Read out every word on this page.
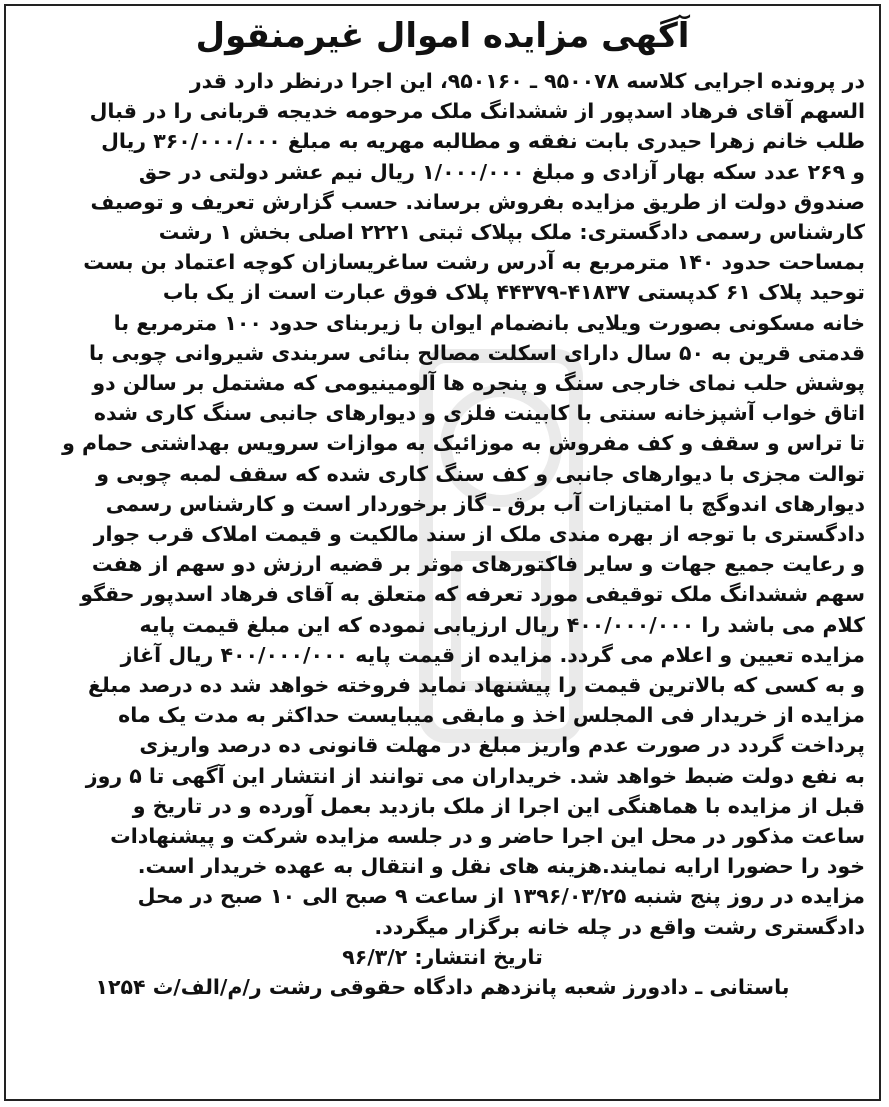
آگهی مزایده اموال غیرمنقول
در پرونده اجرایی کلاسه ۹۵۰۰۷۸ ـ ۹۵۰۱۶۰، این اجرا درنظر دارد قدر
السهم آقای فرهاد اسدپور از ششدانگ ملک مرحومه خدیجه قربانی را در قبال
طلب خانم زهرا حیدری بابت نفقه و مطالبه مهریه به مبلغ ۳۶۰/۰۰۰/۰۰۰ ریال
و ۲۶۹ عدد سکه بهار آزادی و مبلغ ۱/۰۰۰/۰۰۰ ریال نیم عشر دولتی در حق
صندوق دولت از طریق مزایده بفروش برساند. حسب گزارش تعریف و توصیف
کارشناس رسمی دادگستری: ملک بپلاک ثبتی ۲۲۲۱ اصلی بخش ۱ رشت
بمساحت حدود ۱۴۰ مترمربع به آدرس رشت ساغریسازان کوچه اعتماد بن بست
توحید پلاک ۶۱ کدپستی ۴۱۸۳۷-۴۴۳۷۹ پلاک فوق عبارت است از یک باب
خانه مسکونی بصورت ویلایی بانضمام ایوان با زیربنای حدود ۱۰۰ مترمربع با
قدمتی قرین به ۵۰ سال دارای اسکلت مصالح بنائی سربندی شیروانی چوبی با
پوشش حلب نمای خارجی سنگ و پنجره ها آلومینیومی که مشتمل بر سالن دو
اتاق خواب آشپزخانه سنتی با کابینت فلزی و دیوارهای جانبی سنگ کاری شده
تا تراس و سقف و کف مفروش به موزائیک به موازات سرویس بهداشتی حمام و
توالت مجزی با دیوارهای جانبی و کف سنگ کاری شده که سقف لمبه چوبی و
دیوارهای اندوگچ با امتیازات آب برق ـ گاز برخوردار است و کارشناس رسمی
دادگستری با توجه از بهره مندی ملک از سند مالکیت و قیمت املاک قرب جوار
و رعایت جمیع جهات و سایر فاکتورهای موثر بر قضیه ارزش دو سهم از هفت
سهم ششدانگ ملک توقیفی مورد تعرفه که متعلق به آقای فرهاد اسدپور حقگو
کلام می باشد را ۴۰۰/۰۰۰/۰۰۰ ریال ارزیابی نموده که این مبلغ قیمت پایه
مزایده تعیین و اعلام می گردد. مزایده از قیمت پایه ۴۰۰/۰۰۰/۰۰۰ ریال آغاز
و به کسی که بالاترین قیمت را پیشنهاد نماید فروخته خواهد شد ده درصد مبلغ
مزایده از خریدار فی المجلس اخذ و مابقی میبایست حداکثر به مدت یک ماه
پرداخت گردد در صورت عدم واریز مبلغ در مهلت قانونی ده درصد واریزی
به نفع دولت ضبط خواهد شد. خریداران می توانند از انتشار این آگهی تا ۵ روز
قبل از مزایده با هماهنگی این اجرا از ملک بازدید بعمل آورده و در تاریخ و
ساعت مذکور در محل این اجرا حاضر و در جلسه مزایده شرکت و پیشنهادات
خود را حضورا ارایه نمایند.هزینه های نقل و انتقال به عهده خریدار است.
مزایده در روز پنج شنبه ۱۳۹۶/۰۳/۲۵ از ساعت ۹ صبح الی ۱۰ صبح در محل
دادگستری رشت واقع در چله خانه برگزار میگردد.
تاریخ انتشار: ۹۶/۳/۲
باستانی ـ دادورز شعبه پانزدهم دادگاه حقوقی رشت ر/م/الف/ث ۱۲۵۴
